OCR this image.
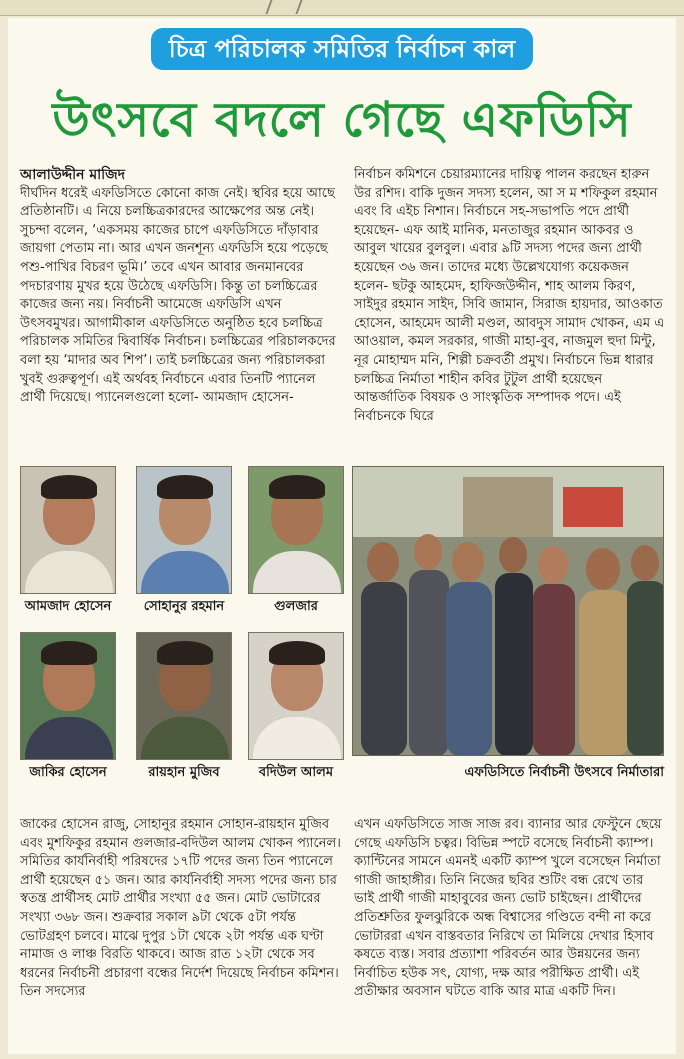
চিত্র পরিচালক সমিতির নির্বাচন কাল
উৎসবে বদলে গেছে এফডিসি

আলাউদ্দীন মাজিদ

দীর্ঘদিন ধরেই এফডিসিতে কোনো কাজ নেই। স্থবির হয়ে আছে প্রতিষ্ঠানটি। এ নিয়ে চলচ্চিত্রকারদের আক্ষেপের অন্ত নেই। সুচন্দা বলেন, ‘একসময় কাজের চাপে এফডিসিতে দাঁড়াবার জায়গা পেতাম না। আর এখন জনশূন্য এফডিসি হয়ে পড়েছে পশু-পাখির বিচরণ ভূমি।’ তবে এখন আবার জনমানবের পদচারণায় মুখর হয়ে উঠেছে এফডিসি। কিন্তু তা চলচ্চিত্রের কাজের জন্য নয়। নির্বাচনী আমেজে এফডিসি এখন উৎসবমুখর। আগামীকাল এফডিসিতে অনুষ্ঠিত হবে চলচ্চিত্র পরিচালক সমিতির দ্বিবার্ষিক নির্বাচন। চলচ্চিত্রের পরিচালকদের বলা হয় ‘মাদার অব শিপ’। তাই চলচ্চিত্রের জন্য পরিচালকরা খুবই গুরুত্বপূর্ণ। এই অর্থবহ নির্বাচনে এবার তিনটি প্যানেল প্রার্থী দিয়েছে। প্যানেলগুলো হলো- আমজাদ হোসেন-

নির্বাচন কমিশনে চেয়ারম্যানের দায়িত্ব পালন করছেন হারুন উর রশিদ। বাকি দুজন সদস্য হলেন, আ স ম শফিকুল রহমান এবং বি এইচ নিশান। নির্বাচনে সহ-সভাপতি পদে প্রার্থী হয়েছেন- এফ আই মানিক, মনতাজুর রহমান আকবর ও আবুল খায়ের বুলবুল। এবার ৯টি সদস্য পদের জন্য প্রার্থী হয়েছেন ৩৬ জন। তাদের মধ্যে উল্লেখযোগ্য কয়েকজন হলেন- ছটকু আহমেদ, হাফিজউদ্দীন, শাহ আলম কিরণ, সাইদুর রহমান সাইদ, সিবি জামান, সিরাজ হায়দার, আওকাত হোসেন, আহমেদ আলী মণ্ডল, আবদুস সামাদ খোকন, এম এ আওয়াল, কমল সরকার, গাজী মাহা-বুব, নাজমুল হুদা মিন্টু, নূর মোহাম্মদ মনি, শিল্পী চক্রবর্তী প্রমুখ। নির্বাচনে ভিন্ন ধারার চলচ্চিত্র নির্মাতা শাহীন কবির টুটুল প্রার্থী হয়েছেন আন্তর্জাতিক বিষয়ক ও সাংস্কৃতিক সম্পাদক পদে। এই নির্বাচনকে ঘিরে

আমজাদ হোসেন	সোহানুর রহমান	গুলজার
জাকির হোসেন	রায়হান মুজিব	বদিউল আলম	এফডিসিতে নির্বাচনী উৎসবে নির্মাতারা

জাকের হোসেন রাজু, সোহানুর রহমান সোহান-রায়হান মুজিব এবং মুশফিকুর রহমান গুলজার-বদিউল আলম খোকন প্যানেল। সমিতির কার্যনির্বাহী পরিষদের ১৭টি পদের জন্য তিন প্যানেলে প্রার্থী হয়েছেন ৫১ জন। আর কার্যনির্বাহী সদস্য পদের জন্য চার স্বতন্ত্র প্রার্থীসহ মোট প্রার্থীর সংখ্যা ৫৫ জন। মোট ভোটারের সংখ্যা ৩৬৮ জন। শুক্রবার সকাল ৯টা থেকে ৫টা পর্যন্ত ভোটগ্রহণ চলবে। মাঝে দুপুর ১টা থেকে ২টা পর্যন্ত এক ঘণ্টা নামাজ ও লাঞ্চ বিরতি থাকবে। আজ রাত ১২টা থেকে সব ধরনের নির্বাচনী প্রচারণা বন্ধের নির্দেশ দিয়েছে নির্বাচন কমিশন। তিন সদস্যের

এখন এফডিসিতে সাজ সাজ রব। ব্যানার আর ফেস্টুনে ছেয়ে গেছে এফডিসি চত্বর। বিভিন্ন স্পটে বসেছে নির্বাচনী ক্যাম্প। ক্যান্টিনের সামনে এমনই একটি ক্যাম্প খুলে বসেছেন নির্মাতা গাজী জাহাঙ্গীর। তিনি নিজের ছবির শুটিং বন্ধ রেখে তার ভাই প্রার্থী গাজী মাহাবুবের জন্য ভোট চাইছেন। প্রার্থীদের প্রতিশ্রুতির ফুলঝুরিকে অন্ধ বিশ্বাসের গণ্ডিতে বন্দী না করে ভোটাররা এখন বাস্তবতার নিরিখে তা মিলিয়ে দেখার হিসাব কষতে ব্যস্ত। সবার প্রত্যাশা পরিবর্তন আর উন্নয়নের জন্য নির্বাচিত হউক সৎ, যোগ্য, দক্ষ আর পরীক্ষিত প্রার্থী। এই প্রতীক্ষার অবসান ঘটতে বাকি আর মাত্র একটি দিন।
